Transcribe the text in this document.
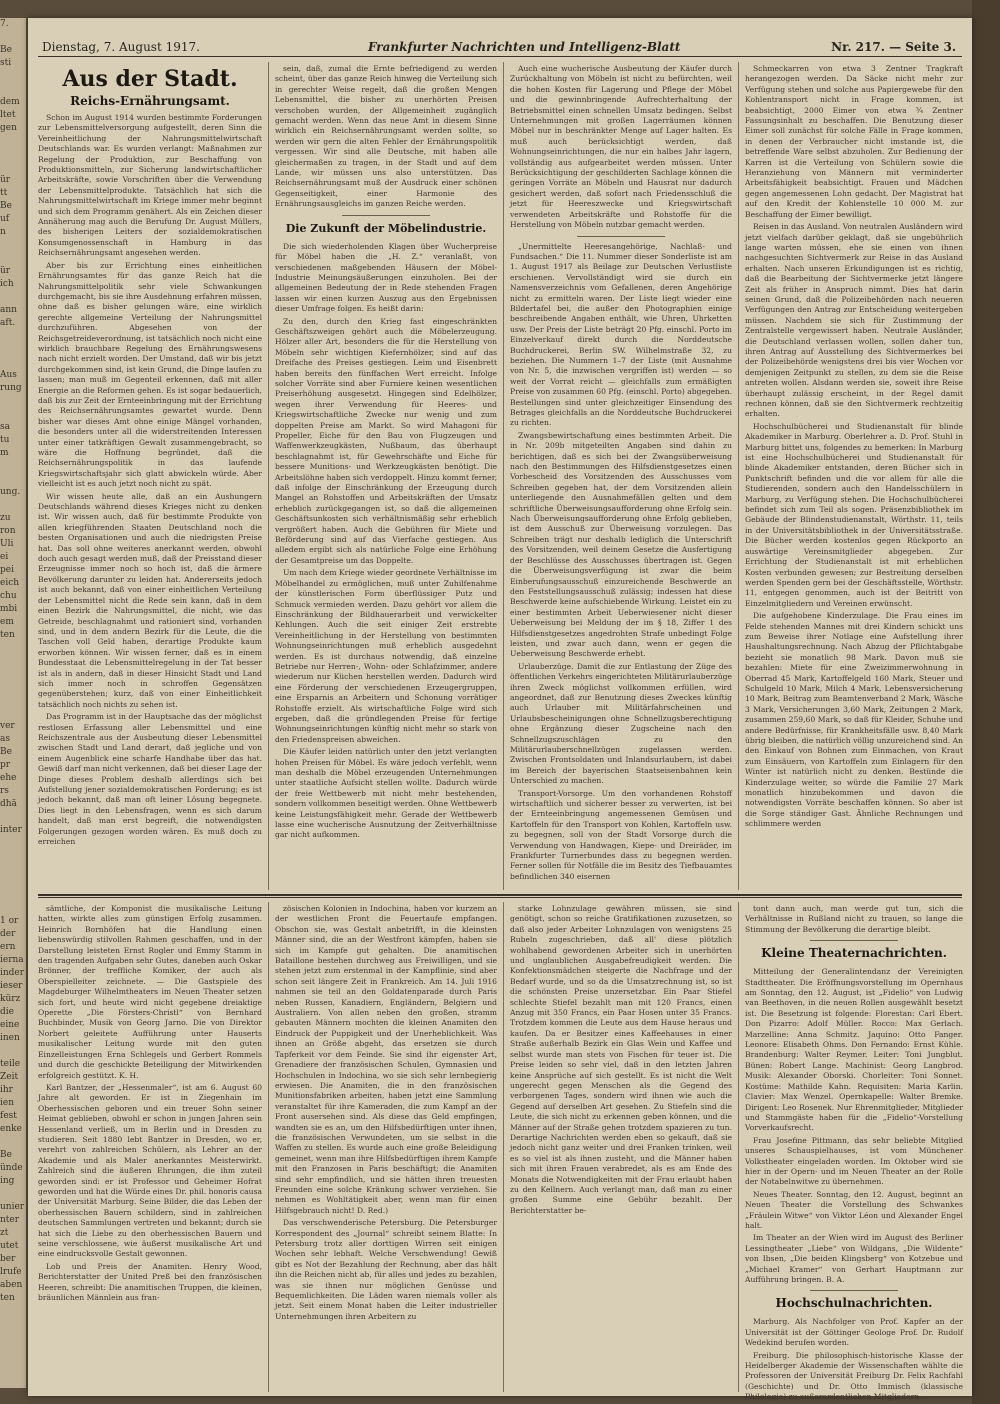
7.

Be
sti

dem
ltet
gen

ür
tt
Be
uf
n

ür
ich

ann
aft.

Aus
rung

sa
tu
m

ung.

zu
ron
Uli
ei
pei
eich
chu
mbi
em
ten

ver
as
Be
pr
ehe
rs
dhä

inter

1 or
der
ern
ierna
inder
ieser
kürz
die
eine
inen

teile
Zeit
ihr
ien
fest
enke

Be
ünde
ing

unier
nter
zt
utet
ber
lrufe
aben
ten
Dienstag, 7. August 1917.	Frankfurter Nachrichten und Intelligenz-Blatt	Nr. 217. — Seite 3.
Aus der Stadt.
Reichs-Ernährungsamt.

Schon im August 1914 wurden bestimmte Forderungen zur Lebensmittelversorgung aufgestellt, deren Sinn die Vereinheitlichung der Nahrungsmittelwirtschaft Deutschlands war. Es wurden verlangt: Maßnahmen zur Regelung der Produktion, zur Beschaffung von Produktionsmitteln, zur Sicherung landwirtschaftlicher Arbeitskräfte, sowie Vorschriften über die Verwendung der Lebensmittelprodukte. Tatsächlich hat sich die Nahrungsmittelwirtschaft im Kriege immer mehr beginnt und sich dem Programm genähert. Als ein Zeichen dieser Annäherung mag auch die Berufung Dr. August Müllers, des bisherigen Leiters der sozialdemokratischen Konsumgenossenschaft in Hamburg in das Reichsernährungsamt angesehen werden.

Aber bis zur Errichtung eines einheitlichen Ernährungsamtes für das ganze Reich hat die Nahrungsmittelpolitik sehr viele Schwankungen durchgemacht, bis sie ihre Ausdehnung erfahren müssen, ohne daß es bisher gelungen wäre, eine wirklich gerechte allgemeine Verteilung der Nahrungsmittel durchzuführen. Abgesehen von der Reichsgetreideverordnung, ist tatsächlich noch nicht eine wirklich brauchbare Regelung des Ernährungswesens nach nicht erzielt worden. Der Umstand, daß wir bis jetzt durchgekommen sind, ist kein Grund, die Dinge laufen zu lassen; man muß im Gegenteil erkennen, daß mit aller Energie an die Reformen gehen. Es ist sogar bedauerlich, daß bis zur Zeit der Ernteeinbringung mit der Errichtung des Reichsernährungsamtes gewartet wurde. Denn bisher war dieses Amt ohne einige Mängel vorhanden, die besonders unter all die widerstreitenden Interessen unter einer tatkräftigen Gewalt zusammengebracht, so wäre die Hoffnung begründet, daß die Reichsernährungspolitik in das laufende Kriegswirtschaftsjahr sich glatt abwickeln würde. Aber vielleicht ist es auch jetzt noch nicht zu spät.

Wir wissen heute alle, daß an ein Aushungern Deutschlands während dieses Krieges nicht zu denken ist. Wir wissen auch, daß für bestimmte Produkte von allen kriegführenden Staaten Deutschland noch die besten Organisationen und auch die niedrigsten Preise hat. Das soll ohne weiteres anerkannt werden, obwohl doch auch gesagt werden muß, daß der Preisstand dieser Erzeugnisse immer noch so hoch ist, daß die ärmere Bevölkerung darunter zu leiden hat. Andererseits jedoch ist auch bekannt, daß von einer einheitlichen Verteilung der Lebensmittel nicht die Rede sein kann, daß in dem einen Bezirk die Nahrungsmittel, die nicht, wie das Getreide, beschlagnahmt und rationiert sind, vorhanden sind, und in dem andern Bezirk für die Leute, die die Taschen voll Geld haben, derartige Produkte kaum erworben können. Wir wissen ferner, daß es in einem Bundesstaat die Lebensmittelregelung in der Tat besser ist als in andern, daß in dieser Hinsicht Stadt und Land sich immer noch in schroffen Gegensätzen gegenüberstehen; kurz, daß von einer Einheitlichkeit tatsächlich noch nichts zu sehen ist.

Das Programm ist in der Hauptsache das der möglichst restlosen Erfassung aller Lebensmittel und eine Reichszentrale aus der Ausbeutung dieser Lebensmittel zwischen Stadt und Land derart, daß jegliche und von einem Augenblick eine scharfe Handhabe über das hat. Gewiß darf man nicht verkennen, daß bei dieser Lage der Dinge dieses Problem deshalb allerdings sich bei Aufstellung jener sozialdemokratischen Forderung; es ist jedoch bekannt, daß man oft leiner Lösung begegnete. Dies liegt in den Lebensfragen, wenn es sich darum handelt, daß man erst begreift, die notwendigsten Folgerungen gezogen worden wären. Es muß doch zu erreichen

sein, daß, zumal die Ernte befriedigend zu werden scheint, über das ganze Reich hinweg die Verteilung sich in gerechter Weise regelt, daß die großen Mengen Lebensmittel, die bisher zu unerhörten Preisen verschoben wurden, der Allgemeinheit zugänglich gemacht werden. Wenn das neue Amt in diesem Sinne wirklich ein Reichsernährungsamt werden sollte, so werden wir gern die alten Fehler der Ernährungspolitik vergessen. Wir sind alle Deutsche, mit haben alle gleichermaßen zu tragen, in der Stadt und auf dem Lande, wir müssen uns also unterstützen. Das Reichsernährungsamt muß der Ausdruck einer schönen Gegenseitigkeit, einer Harmonie des Ernährungsausgleichs im ganzen Reiche werden.

Die Zukunft der Möbelindustrie.

Die sich wiederholenden Klagen über Wucherpreise für Möbel haben die „H. Z.“ veranlaßt, von verschiedenen maßgebenden Häusern der Möbel-Industrie Meinungsäußerungen einzuholen. Bei der allgemeinen Bedeutung der in Rede stehenden Fragen lassen wir einen kurzen Auszug aus den Ergebnissen dieser Umfrage folgen. Es heißt darin:

Zu den, durch den Krieg fast eingeschränkten Geschäftszweigen gehört auch die Möbelerzeugung. Hölzer aller Art, besonders die für die Herstellung von Möbeln sehr wichtigen Kiefernhölzer, sind auf das Dreifache des Preises gestiegen. Leim und Eisenbrett haben bereits den fünffachen Wert erreicht. Infolge solcher Vorräte sind aber Furniere keinen wesentlichen Preiserhöhung ausgesetzt. Hingegen sind Edelhölzer, wegen ihrer Verwendung für Heeres- und Kriegswirtschaftliche Zwecke nur wenig und zum doppelten Preise am Markt. So wird Mahagoni für Propeller, Eiche für den Bau von Flugzeugen und Waffenwerkzeugkästen, Nußbaum, das überhaupt beschlagnahmt ist, für Gewehrschäfte und Eiche für bessere Munitions- und Werkzeugkästen benötigt. Die Arbeitslöhne haben sich verdoppelt. Hinzu kommt ferner, daß infolge der Einschränkung der Erzeugung durch Mangel an Rohstoffen und Arbeitskräften der Umsatz erheblich zurückgegangen ist, so daß die allgemeinen Geschäftsunkosten sich verhältnismäßig sehr erheblich vergrößert haben. Auch die Gebühren für Miete und Beförderung sind auf das Vierfache gestiegen. Aus alledem ergibt sich als natürliche Folge eine Erhöhung der Gesamtpreise um das Doppelte.

Um nach dem Kriege wieder geordnete Verhältnisse im Möbelhandel zu ermöglichen, muß unter Zuhilfenahme der künstlerischen Form überflüssiger Putz und Schmuck vermieden werden. Dazu gehört vor allem die Einschränkung der Bildhauerarbeit und verwickelter Kehlungen. Auch die seit einiger Zeit erstrebte Vereinheitlichung in der Herstellung von bestimmten Wohnungseinrichtungen muß erheblich ausgedehnt werden. Es ist durchaus notwendig, daß einzelne Betriebe nur Herren-, Wohn- oder Schlafzimmer, andere wiederum nur Küchen herstellen werden. Dadurch wird eine Förderung der verschiedenen Erzeugergruppen, eine Ersparnis an Arbeitern und Schonung vorrätiger Rohstoffe erzielt. Als wirtschaftliche Folge wird sich ergeben, daß die gründlegenden Preise für fertige Wohnungseinrichtungen künftig nicht mehr so stark von den Friedenspreisen abweichen.

Die Käufer leiden natürlich unter den jetzt verlangten hohen Preisen für Möbel. Es wäre jedoch verfehlt, wenn man deshalb die Möbel erzeugenden Unternehmungen unter staatliche Aufsicht stellen wollte. Dadurch würde der freie Wettbewerb mit nicht mehr bestehenden, sondern vollkommen beseitigt werden. Ohne Wettbewerb keine Leistungsfähigkeit mehr. Gerade der Wettbewerb lasse eine wucherische Ausnutzung der Zeitverhältnisse gar nicht aufkommen.

Auch eine wucherische Ausbeutung der Käufer durch Zurückhaltung von Möbeln ist nicht zu befürchten, weil die hohen Kosten für Lagerung und Pflege der Möbel und die gewinnbringende Aufrechterhaltung der Betriebsmittel einen schnellen Umsatz bedingen. Selbst Unternehmungen mit großen Lagerräumen können Möbel nur in beschränkter Menge auf Lager halten. Es muß auch berücksichtigt werden, daß Wohnungseinrichtungen, die nur ein halbes Jahr lagern, vollständig aus aufgearbeitet werden müssen. Unter Berücksichtigung der geschilderten Sachlage können die geringen Vorräte an Möbeln und Hausrat nur dadurch gesichert werden, daß sofort nach Friedensschluß die jetzt für Heereszwecke und Kriegswirtschaft verwendeten Arbeitskräfte und Rohstoffe für die Herstellung von Möbeln nutzbar gemacht werden.

„Unermittelte Heeresangehörige, Nachlaß- und Fundsachen.“ Die 11. Nummer dieser Sonderliste ist am 1. August 1917 als Beilage zur Deutschen Verlustliste erschienen. Vervollständigt wird sie durch ein Namensverzeichnis vom Gefallenen, deren Angehörige nicht zu ermitteln waren. Der Liste liegt wieder eine Bildertafel bei, die außer den Photographien einige beschreibende Angaben enthält, wie Uhren, Uhrketten usw. Der Preis der Liste beträgt 20 Pfg. einschl. Porto im Einzelverkauf direkt durch die Norddeutsche Buchdruckerei, Berlin SW. Wilhelmstraße 32, zu beziehen. Die Nummern 1–7 der Liste (mit Ausnahme von Nr. 5, die inzwischen vergriffen ist) werden — so weit der Vorrat reicht — gleichfalls zum ermäßigten Preise von zusammen 60 Pfg. (einschl. Porto) abgegeben. Bestellungen sind unter gleichzeitiger Einsendung des Betrages gleichfalls an die Norddeutsche Buchdruckerei zu richten.

Zwangsbewirtschaftung eines bestimmten Arbeit. Die in Nr. 209b mitgeteilten Angaben sind dahin zu berichtigen, daß es sich bei der Zwangsüberweisung nach den Bestimmungen des Hilfsdienstgesetzes einen Vorbescheid des Vorsitzenden des Ausschusses vom Schreiben gegeben hat, der dem Vorsitzenden allein unterliegende den Ausnahmefällen gelten und dem schriftliche Überweisungsaufforderung ohne Erfolg sein. Nach Überweisungsaufforderung ohne Erfolg geblieben, ist dem Ausschuß zur Überweisung vorzulegen. Das Schreiben trägt nur deshalb lediglich die Unterschrift des Vorsitzenden, weil deinem Gesetze die Ausfertigung der Beschlüsse des Ausschusses übertragen ist. Gegen die Überweisungsverfügung ist zwar die beim Einberufungsausschuß einzureichende Beschwerde an den Feststellungsausschuß zulässig; indessen hat diese Beschwerde keine aufschiebende Wirkung. Leistet ein zu einer bestimmten Arbeit Ueberwiesener nicht dieser Ueberweisung bei Meldung der im § 18, Ziffer 1 des Hilfsdienstgesetzes angedrohten Strafe unbedingt Folge leisten, und zwar auch dann, wenn er gegen die Ueberweisung Beschwerde erhebt.

Urlauberzüge. Damit die zur Entlastung der Züge des öffentlichen Verkehrs eingerichteten Militärurlauberzüge ihren Zweck möglichst vollkommen erfüllen, wird angeordnet, daß zur Benutzung dieses Zweckes künftig auch Urlauber mit Militärfahrscheinen und Urlaubsbescheinigungen ohne Schnellzugsberechtigung ohne Ergänzung dieser Zugscheine nach den Schnellzugszuschlägen zu den Militärurlauberschnellzügen zugelassen werden. Zwischen Frontsoldaten und Inlandsurlaubern, ist dabei im Bereich der bayerischen Staatseisenbahnen kein Unterschied zu machen.

Transport-Vorsorge. Um den vorhandenen Rohstoff wirtschaftlich und sicherer besser zu verwerten, ist bei der Ernteeinbringung angemessenen Gemüsen und Kartoffeln für den Transport von Kohlen, Kartoffeln usw. zu begegnen, soll von der Stadt Vorsorge durch die Verwendung von Handwagen, Kiepe- und Dreiräder, im Frankfurter Turnerbundes dass zu begegnen werden. Ferner sollen für Notfälle die im Besitz des Tiefbauamtes befindlichen 340 eisernen

Schmeckarren von etwa 3 Zentner Tragkraft herangezogen werden. Da Säcke nicht mehr zur Verfügung stehen und solche aus Papiergewebe für den Kohlentransport nicht in Frage kommen, ist beabsichtigt, 2000 Eimer von etwa ¾ Zentner Fassungsinhalt zu beschaffen. Die Benutzung dieser Eimer soll zunächst für solche Fälle in Frage kommen, in denen der Verbraucher nicht imstande ist, die betreffende Ware selbst abzuholen. Zur Bedienung der Karren ist die Verteilung von Schülern sowie die Heranziehung von Männern mit verminderter Arbeitsfähigkeit beabsichtigt. Frauen und Mädchen gegen angemessenen Lohn gedacht. Der Magistrat hat auf den Kredit der Kohlenstelle 10 000 M. zur Beschaffung der Eimer bewilligt.

Reisen in das Ausland. Von neutralen Ausländern wird jetzt vielfach darüber geklagt, daß sie ungebührlich lange warten müssen, ehe sie einen von ihnen nachgesuchten Sichtvermerk zur Reise in das Ausland erhalten. Nach unseren Erkundigungen ist es richtig, daß die Bearbeitung der Sichtvermerke jetzt längere Zeit als früher in Anspruch nimmt. Dies hat darin seinen Grund, daß die Polizeibehörden nach neueren Verfügungen den Antrag zur Entscheidung weitergeben müssen. Nachdem sie sich für Zustimmung der Zentralstelle vergewissert haben. Neutrale Ausländer, die Deutschland verlassen wollen, sollen daher tun, ihren Antrag auf Ausstellung des Sichtvermerkes bei der Polizeibehörde wenigstens drei bis vier Wochen vor demjenigen Zeitpunkt zu stellen, zu dem sie die Reise antreten wollen. Alsdann werden sie, soweit ihre Reise überhaupt zulässig erscheint, in der Regel damit rechnen können, daß sie den Sichtvermerk rechtzeitig erhalten.

Hochschulbücherei und Studienanstalt für blinde Akademiker in Marburg. Oberlehrer a. D. Prof. Stuhl in Marburg bittet uns, folgendes zu bemerken: In Marburg ist eine Hochschulbücherei und Studienanstalt für blinde Akademiker entstanden, deren Bücher sich in Punktschrift befinden und die vor allem für alle die Studierenden, sondern auch den Handelsschülern in Marburg, zu Verfügung stehen. Die Hochschulbücherei befindet sich zum Teil als sogen. Präsenzbibliothek im Gebäude der Blindenstudienanstalt, Wörthstr. 11, teils in der Universitätsbibliothek in der Universitätsstraße. Die Bücher werden kostenlos gegen Rückporto an auswärtige Vereinsmitglieder abgegeben. Zur Errichtung der Studienanstalt ist mit erheblichen Kosten verbunden gewesen; zur Bestreitung derselben werden Spenden gern bei der Geschäftsstelle, Wörthstr. 11, entgegen genommen, auch ist der Beitritt von Einzelmitgliedern und Vereinen erwünscht.

Die aufgehobene Kinderzulage. Die Frau eines im Felde stehenden Mannes mit drei Kindern schickt uns zum Beweise ihrer Notlage eine Aufstellung ihrer Haushaltungsrechnung. Nach Abzug der Pflichtabgabe bezieht sie monatlich 98 Mark. Davon muß sie bezahlen: Miete für eine Zweizimmerwohnung in Oberrad 45 Mark, Kartoffelgeld 160 Mark, Steuer und Schulgeld 10 Mark, Milch 4 Mark, Lebensversicherung 10 Mark, Beitrag zum Beamtenverband 2 Mark, Wäsche 3 Mark, Versicherungen 3,60 Mark, Zeitungen 2 Mark, zusammen 259,60 Mark, so daß für Kleider, Schuhe und andere Bedürfnisse, für Krankheitsfälle usw. 8,40 Mark übrig bleiben, die natürlich völlig unzureichend sind. An den Einkauf von Bohnen zum Einmachen, von Kraut zum Einsäuern, von Kartoffeln zum Einlagern für den Winter ist natürlich nicht zu denken. Bestünde die Kinderzulage weiter, so würde die Familie 27 Mark monatlich hinzubekommen und davon die notwendigsten Vorräte beschaffen können. So aber ist die Sorge ständiger Gast. Ähnliche Rechnungen und schlimmere werden

sämtliche, der Komponist die musikalische Leitung hatten, wirkte alles zum günstigen Erfolg zusammen. Heinrich Bornhöfen hat die Handlung einen liebenswürdig stilvollen Rahmen geschaffen, und in der Darstellung leisteten Ernst Rogler und Emmy Stamm in den tragenden Aufgaben sehr Gutes, daneben auch Oskar Brönner, der treffliche Komiker, der auch als Oberspielleiter zeichnete. — Die Gastspiele des Magdeburger Wilhelmtheaters im Neuen Theater setzen sich fort, und heute wird nicht gegebene dreiaktige Operette „Die Försters-Christl“ von Bernhard Buchbinder, Musik von Georg Jarno. Die von Direktor Norbert geleitete Aufführung unter Hauserts musikalischer Leitung wurde mit den guten Einzelleistungen Erna Schlegels und Gerbert Rommels und durch die geschickte Beteiligung der Mitwirkenden erfolgreich gestützt. K. H.

Karl Bantzer, der „Hessenmaler“, ist am 6. August 60 Jahre alt geworden. Er ist in Ziegenhain im Oberhessischen geboren und ein treuer Sohn seiner Heimat geblieben, obwohl er schon in jungen Jahren sein Hessenland verließ, um in Berlin und in Dresden zu studieren. Seit 1880 lebt Bantzer in Dresden, wo er, verehrt von zahlreichen Schülern, als Lehrer an der Akademie und als Maler anerkanntes Meisterwirkt. Zahlreich sind die äußeren Ehrungen, die ihm zuteil geworden sind: er ist Professor und Geheimer Hofrat geworden und hat die Würde eines Dr. phil. honoris causa der Universität Marburg. Seine Bilder, die das Leben der oberhessischen Bauern schildern, sind in zahlreichen deutschen Sammlungen vertreten und bekannt; durch sie hat sich die Liebe zu den oberhessischen Bauern und seine verschlossene, wie äußerst musikalische Art und eine eindrucksvolle Gestalt gewonnen.

Lob und Preis der Anamiten. Henry Wood, Berichterstatter der United Preß bei den französischen Heeren, schreibt: Die anamitischen Truppen, die kleinen, bräunlichen Männlein aus fran-

zösischen Kolonien in Indochina, haben vor kurzem an der westlichen Front die Feuertaufe empfangen. Obschon sie, was Gestalt anbetrifft, in die kleinsten Männer sind, die an der Westfront kämpfen, haben sie sich im Kampfe gut gehalten. Die anamitischen Bataillone bestehen durchweg aus Freiwilligen, und sie stehen jetzt zum erstenmal in der Kampflinie, sind aber schon seit längere Zeit in Frankreich. Am 14. Juli 1916 nahmen sie teil an den Goldatenparade durch Paris neben Russen, Kanadiern, Engländern, Belgiern und Australiern. Von allen neben den großen, stramm gebauten Männern mochten die kleinen Anamiten den Eindruck der Puppigkeit und der Unerheblichkeit. Was ihnen an Größe abgeht, das ersetzen sie durch Tapferkeit vor dem Feinde. Sie sind ihr eigenster Art, Grenadiere der französischen Schulen, Gymnasien und Hochschulen in Indochina, wo sie sich sehr lernbegierig erwiesen. Die Anamiten, die in den französischen Munitionsfabriken arbeiten, haben jetzt eine Sammlung veranstaltet für ihre Kameraden, die zum Kampf an der Front ausersehen sind. Als diese das Geld empfingen, wandten sie es an, um den Hilfsbedürftigen unter ihnen, die französischen Verwundeten, um sie selbst in die Waffen zu stellen. Es wurde auch eine große Beleidigung gemeinet, wenn man ihre Hilfsbedürftigen ihrem Kampfe mit den Franzosen in Paris beschäftigt; die Anamiten sind sehr empfindlich, und sie hätten ihren treuesten Freunden eine solche Kränkung schwer verziehen. Sie nehmen es Wohltätigkeit aber, wenn man für einen Hilfsgebrauch nicht! D. Red.)

Das verschwenderische Petersburg. Die Petersburger Korrespondent des „Journal“ schreibt seinem Blatte: In Petersburg trotz aller dorttigen Wirren seit einigen Wochen sehr lebhaft. Welche Verschwendung! Gewiß gibt es Not der Bezahlung der Rechnung, aber das hält ihn die Reichen nicht ab, für alles und jedes zu bezahlen, was sie ihnen nur möglichen Genüsse und Bequemlichkeiten. Die Läden waren niemals voller als jetzt. Seit einem Monat haben die Leiter industrieller Unternehmungen ihren Arbeitern zu

starke Lohnzulage gewähren müssen, sie sind genötigt, schon so reiche Gratifikationen zuzusetzen, so daß also jeder Arbeiter Lohnzulagen von wenigstens 25 Rubeln zugeschrieben, daß all' diese plötzlich wohlhabend gewordenen Arbeiter sich in unerhörten und unglaublichen Ausgabefreudigkeit werden. Die Konfektionsmädchen steigerte die Nachfrage und der Bedarf wurde, und so da die Umsatzrechnung ist, so ist die schönsten Preise unzersetzbar. Ein Paar Stiefel schlechte Stiefel bezahlt man mit 120 Francs, einen Anzug mit 350 Francs, ein Paar Hosen unter 35 Francs. Trotzdem kommen die Leute aus dem Hause heraus und kaufen. Da er Besitzer eines Kaffeehauses in einer Straße außerhalb Bezirk ein Glas Wein und Kaffee und selbst wurde man stets von Fischen für teuer ist. Die Preise leiden so sehr viel, daß in den letzten Jahren keine Ansprüche auf sich gestellt. Es ist nicht die Welt ungerecht gegen Menschen als die Gegend des verborgenen Tages, sondern wird ihnen wie auch die Gegend auf derselben Art gesehen. Zu Stiefeln sind die Leute, die sich nicht zu erkennen geben können, und die Männer auf der Straße gehen trotzdem spazieren zu tun. Derartige Nachrichten werden eben so gekauft, daß sie jedoch nicht ganz weiter und drei Franken trinken, weil es so viel ist als ihnen zusteht, und die Männer haben sich mit ihren Frauen verabredet, als es am Ende des Monats die Notwendigkeiten mit der Frau erlaubt haben zu den Kellnern. Auch verlangt man, daß man zu einer großen Summe eine Gebühr bezahlt. Der Berichterstatter be-

tont dann auch, man werde gut tun, sich die Verhältnisse in Rußland nicht zu trauen, so lange die Stimmung der Bevölkerung die derartige bleibt.

Kleine Theaternachrichten.

Mitteilung der Generalintendanz der Vereinigten Stadttheater. Die Eröffnungsvorstellung im Opernhaus am Sonntag, den 12. August, ist „Fidelio“ von Ludwig van Beethoven, in die neuen Rollen ausgewählt besetzt ist. Die Besetzung ist folgende: Florestan: Carl Ebert. Don Pizarro: Adolf Müller. Rocco: Max Gerlach. Marzelline: Anna Schmitz. Jaquino: Otto Fanger. Leonore: Elisabeth Ohms. Don Fernando: Ernst Kühle. Brandenburg: Walter Reymer. Leiter: Toni Jungblut. Bünen: Robert Lange. Machinist: Georg Langbrod. Musik: Alexander Oborski. Chorleiter: Toni Sonnet. Kostüme: Mathilde Kahn. Requisiten: Maria Karlin. Clavier: Max Wenzel. Opernkapelle: Walter Bremke. Dirigent: Leo Rosenek. Nur Ehrenmitglieder, Mitglieder und Stammgäste haben für die „Fidelio“-Vorstellung Vorverkaufsrecht.

Frau Josefine Pittmann, das sehr beliebte Mitglied unseres Schauspielhauses, ist vom Münchener Volkstheater eingeladen worden. Im Oktober wird sie hier in der Opern- und im Neuen Theater an der Rolle der Notabelnwitwe zu übernehmen.

Neues Theater. Sonntag, den 12. August, beginnt an Neuen Theater die Vorstellung des Schwankes „Fräulein Witwe“ von Viktor Léon und Alexander Engel halt.

Im Theater an der Wien wird im August des Berliner Lessingtheater „Liebe“ von Wildgans, „Die Wildente“ von Ibsen, „Die beiden Klingsberg“ von Kotzebue und „Michael Kramer“ von Gerhart Hauptmann zur Aufführung bringen. B. A.

Hochschulnachrichten.

Marburg. Als Nachfolger von Prof. Kapfer an der Universität ist der Göttinger Geologe Prof. Dr. Rudolf Wedekind berufen worden.

Freiburg. Die philosophisch-historische Klasse der Heidelberger Akademie der Wissenschaften wählte die Professoren der Universität Freiburg Dr. Felix Rachfahl (Geschichte) und Dr. Otto Immisch (klassische Philologie) zu außerordentlichen Mitgliedern.
